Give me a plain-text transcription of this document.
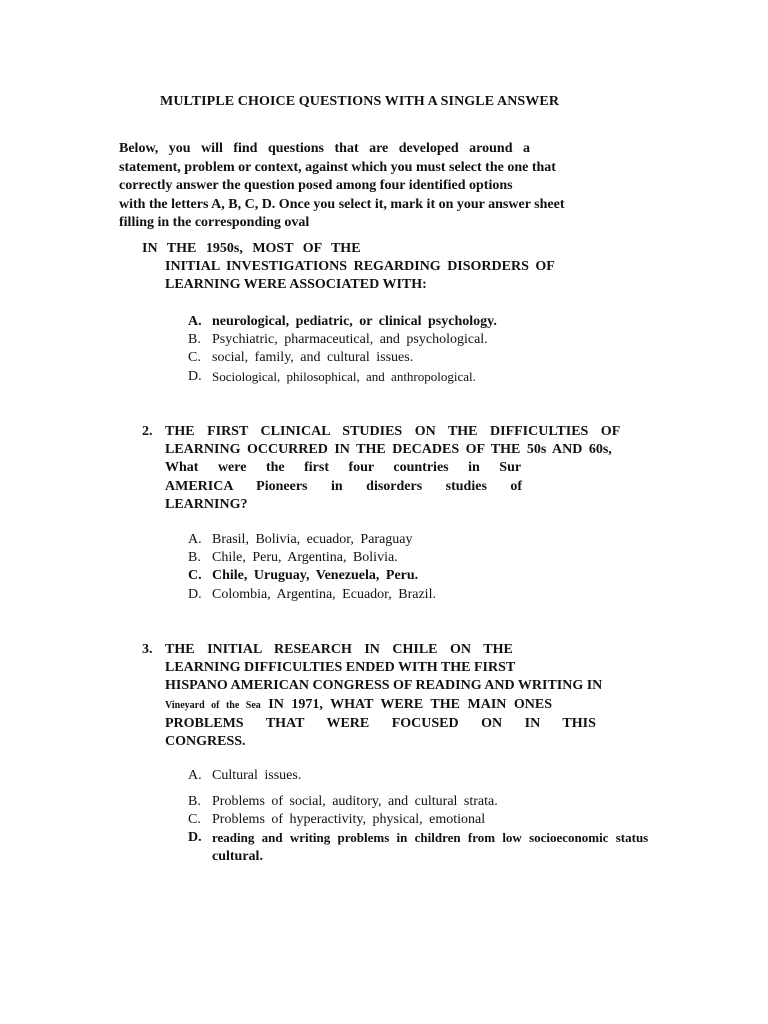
MULTIPLE CHOICE QUESTIONS WITH A SINGLE ANSWER
Below, you will find questions that are developed around a
statement, problem or context, against which you must select the one that
correctly answer the question posed among four identified options
with the letters A, B, C, D. Once you select it, mark it on your answer sheet
filling in the corresponding oval
IN THE 1950s, MOST OF THE
INITIAL INVESTIGATIONS REGARDING DISORDERS OF
LEARNING WERE ASSOCIATED WITH:
A. neurological, pediatric, or clinical psychology.
B. Psychiatric, pharmaceutical, and psychological.
C. social, family, and cultural issues.
D. Sociological, philosophical, and anthropological.
2. THE FIRST CLINICAL STUDIES ON THE DIFFICULTIES OF
LEARNING OCCURRED IN THE DECADES OF THE 50s AND 60s,
What were the first four countries in Sur
AMERICA Pioneers in disorders studies of
LEARNING?
A. Brasil, Bolivia, ecuador, Paraguay
B. Chile, Peru, Argentina, Bolivia.
C. Chile, Uruguay, Venezuela, Peru.
D. Colombia, Argentina, Ecuador, Brazil.
3. THE INITIAL RESEARCH IN CHILE ON THE
LEARNING DIFFICULTIES ENDED WITH THE FIRST
HISPANO AMERICAN CONGRESS OF READING AND WRITING IN
Vineyard of the Sea IN 1971, WHAT WERE THE MAIN ONES
PROBLEMS THAT WERE FOCUSED ON IN THIS
CONGRESS.
A. Cultural issues.
B. Problems of social, auditory, and cultural strata.
C. Problems of hyperactivity, physical, emotional
D. reading and writing problems in children from low socioeconomic status
cultural.
